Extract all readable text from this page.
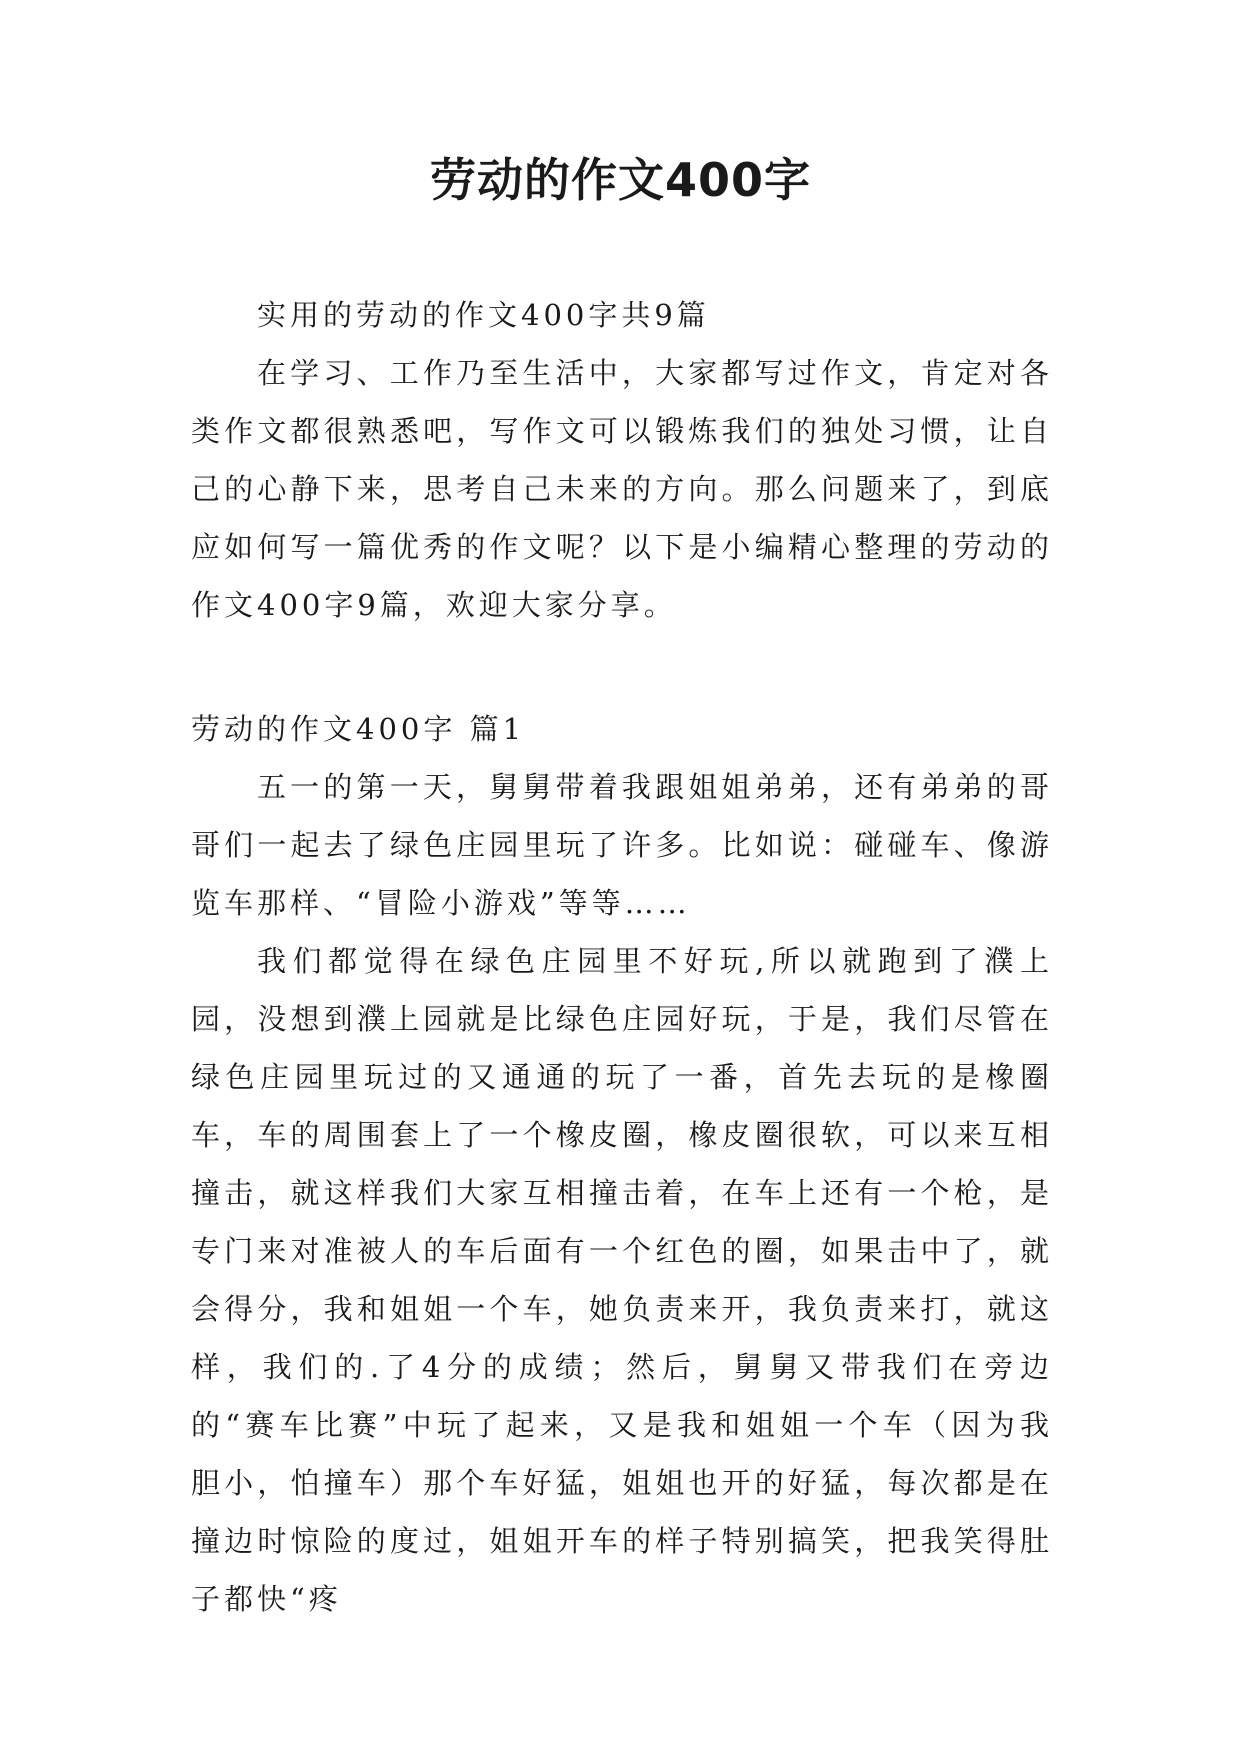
劳动的作文400字
实用的劳动的作文400字共9篇
在学习、工作乃至生活中，大家都写过作文，肯定对各类作文都很熟悉吧，写作文可以锻炼我们的独处习惯，让自己的心静下来，思考自己未来的方向。那么问题来了，到底应如何写一篇优秀的作文呢？以下是小编精心整理的劳动的作文400字9篇，欢迎大家分享。
劳动的作文400字 篇1
五一的第一天，舅舅带着我跟姐姐弟弟，还有弟弟的哥哥们一起去了绿色庄园里玩了许多。比如说：碰碰车、像游览车那样、“冒险小游戏”等等……
我们都觉得在绿色庄园里不好玩,所以就跑到了濮上园，没想到濮上园就是比绿色庄园好玩，于是，我们尽管在绿色庄园里玩过的又通通的玩了一番，首先去玩的是橡圈车，车的周围套上了一个橡皮圈，橡皮圈很软，可以来互相撞击，就这样我们大家互相撞击着，在车上还有一个枪，是专门来对准被人的车后面有一个红色的圈，如果击中了，就会得分，我和姐姐一个车，她负责来开，我负责来打，就这样，我们的.了4分的成绩；然后，舅舅又带我们在旁边的“赛车比赛”中玩了起来，又是我和姐姐一个车（因为我胆小，怕撞车）那个车好猛，姐姐也开的好猛，每次都是在撞边时惊险的度过，姐姐开车的样子特别搞笑，把我笑得肚子都快“疼
